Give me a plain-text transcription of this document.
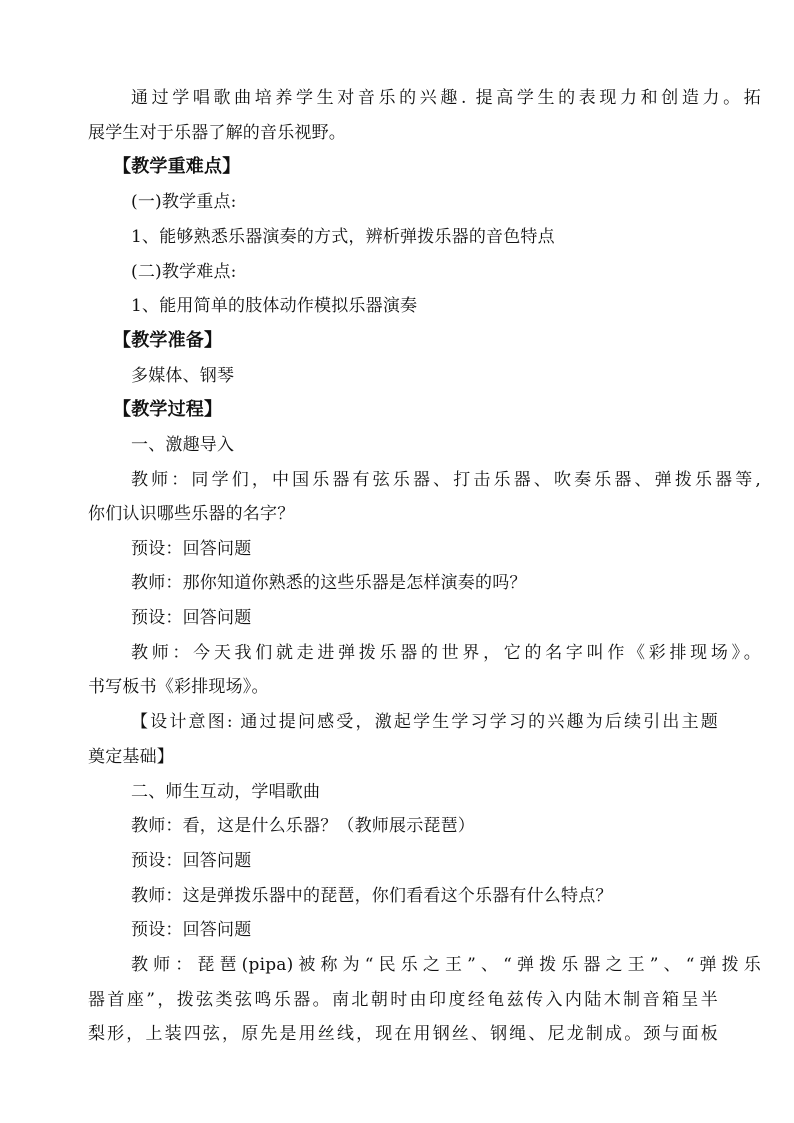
通过学唱歌曲培养学生对音乐的兴趣. 提高学生的表现力和创造力。拓
展学生对于乐器了解的音乐视野。
【教学重难点】
(一)教学重点:
1、能够熟悉乐器演奏的方式，辨析弹拨乐器的音色特点
(二)教学难点:
1、能用简单的肢体动作模拟乐器演奏
【教学准备】
多媒体、钢琴
【教学过程】
一、激趣导入
教师：同学们，中国乐器有弦乐器、打击乐器、吹奏乐器、弹拨乐器等,
你们认识哪些乐器的名字？
预设：回答问题
教师：那你知道你熟悉的这些乐器是怎样演奏的吗？
预设：回答问题
教师：今天我们就走进弹拨乐器的世界，它的名字叫作《彩排现场》。
书写板书《彩排现场》。
【设计意图: 通过提问感受，激起学生学习学习的兴趣为后续引出主题
奠定基础】
二、师生互动，学唱歌曲
教师：看，这是什么乐器？（教师展示琵琶）
预设：回答问题
教师：这是弹拨乐器中的琵琶，你们看看这个乐器有什么特点？
预设：回答问题
教师：琵琶(pipa)被称为“民乐之王”、“弹拨乐器之王”、“弹拨乐
器首座”，拨弦类弦鸣乐器。南北朝时由印度经龟兹传入内陆木制音箱呈半
梨形，上装四弦，原先是用丝线，现在用钢丝、钢绳、尼龙制成。颈与面板
